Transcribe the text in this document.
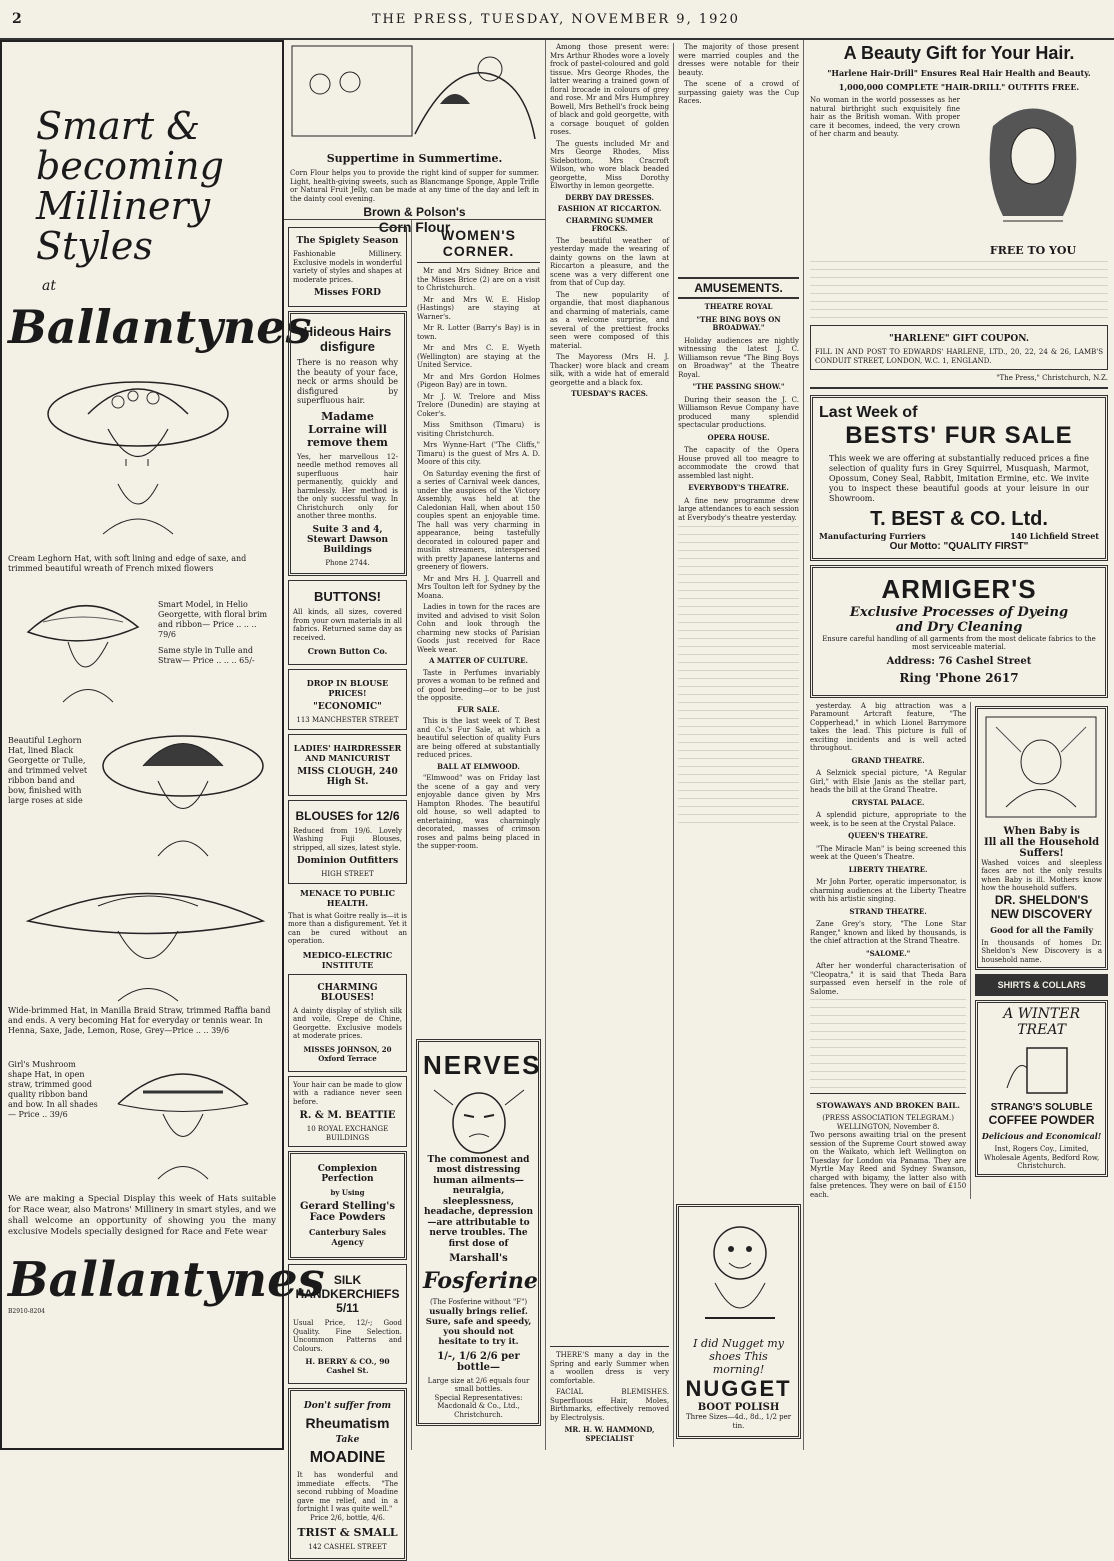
2	THE PRESS, TUESDAY, NOVEMBER 9, 1920
Smart & becoming
Millinery Styles
at
Ballantynes
Cream Leghorn Hat, with soft lining and edge of saxe, and trimmed beautiful wreath of French mixed flowers
Smart Model, in Helio Georgette, with floral brim and ribbon— Price .. .. .. 79/6
Same style in Tulle and Straw— Price .. .. .. 65/-
Beautiful Leghorn Hat, lined Black Georgette or Tulle, and trimmed velvet ribbon band and bow, finished with large roses at side
Wide-brimmed Hat, in Manilla Braid Straw, trimmed Raffia band and ends. A very becoming Hat for everyday or tennis wear. In Henna, Saxe, Jade, Lemon, Rose, Grey—Price .. .. 39/6
Girl's Mushroom shape Hat, in open straw, trimmed good quality ribbon band and bow. In all shades— Price .. 39/6
We are making a Special Display this week of Hats suitable for Race wear, also Matrons' Millinery in smart styles, and we shall welcome an opportunity of showing you the many exclusive Models specially designed for Race and Fete wear
Ballantynes
B2910-8204
Suppertime in Summertime.
Corn Flour helps you to provide the right kind of supper for summer. Light, health-giving sweets, such as Blancmange Sponge, Apple Trifle or Natural Fruit Jelly, can be made at any time of the day and left in the dainty cool evening.
Brown & Polson's
Corn Flour
The Spiglety Season
Fashionable Millinery. Exclusive models in wonderful variety of styles and shapes at moderate prices.
Misses FORD
Hideous Hairs disfigure
There is no reason why the beauty of your face, neck or arms should be disfigured by superfluous hair.
Madame Lorraine will remove them
Yes, her marvellous 12-needle method removes all superfluous hair permanently, quickly and harmlessly. Her method is the only successful way. In Christchurch only for another three months.
Suite 3 and 4, Stewart Dawson Buildings
Phone 2744.
BUTTONS!
All kinds, all sizes, covered from your own materials in all fabrics. Returned same day as received.
Crown Button Co.
DROP IN BLOUSE PRICES!
"ECONOMIC"
113 MANCHESTER STREET
LADIES' HAIRDRESSER AND MANICURIST
MISS CLOUGH, 240 High St.
BLOUSES for 12/6
Reduced from 19/6. Lovely Washing Fuji Blouses, stripped, all sizes, latest style.
Dominion Outfitters
HIGH STREET
MENACE TO PUBLIC HEALTH.
That is what Goitre really is—it is more than a disfigurement. Yet it can be cured without an operation.
MEDICO-ELECTRIC INSTITUTE
CHARMING BLOUSES!
A dainty display of stylish silk and voile, Crepe de Chine, Georgette. Exclusive models at moderate prices.
MISSES JOHNSON, 20 Oxford Terrace
Your hair can be made to glow with a radiance never seen before.
R. & M. BEATTIE
10 ROYAL EXCHANGE BUILDINGS
Complexion Perfection
by Using
Gerard Stelling's Face Powders
Canterbury Sales Agency
SILK HANDKERCHIEFS 5/11
Usual Price, 12/-; Good Quality. Fine Selection. Uncommon Patterns and Colours.
H. BERRY & CO., 90 Cashel St.
Don't suffer from
Rheumatism
Take
MOADINE
It has wonderful and immediate effects. "The second rubbing of Moadine gave me relief, and in a fortnight I was quite well."
Price 2/6, bottle, 4/6.
TRIST & SMALL
142 CASHEL STREET
WOMEN'S CORNER.

Mr and Mrs Sidney Brice and the Misses Brice (2) are on a visit to Christchurch.

Mr and Mrs W. E. Hislop (Hastings) are staying at Warner's.

Mr R. Lotter (Barry's Bay) is in town.

Mr and Mrs C. E. Wyeth (Wellington) are staying at the United Service.

Mr and Mrs Gordon Holmes (Pigeon Bay) are in town.

Mr J. W. Trelore and Miss Trelore (Dunedin) are staying at Coker's.

Miss Smithson (Timaru) is visiting Christchurch.

Mrs Wynne-Hart ("The Cliffs," Timaru) is the guest of Mrs A. D. Moore of this city.

On Saturday evening the first of a series of Carnival week dances, under the auspices of the Victory Assembly, was held at the Caledonian Hall, when about 150 couples spent an enjoyable time. The hall was very charming in appearance, being tastefully decorated in coloured paper and muslin streamers, interspersed with pretty Japanese lanterns and greenery of flowers.

Mr and Mrs H. J. Quarrell and Mrs Toulton left for Sydney by the Moana.

Ladies in town for the races are invited and advised to visit Solon Cohn and look through the charming new stocks of Parisian Goods just received for Race Week wear.

A MATTER OF CULTURE.

Taste in Perfumes invariably proves a woman to be refined and of good breeding—or to be just the opposite.

FUR SALE.

This is the last week of T. Best and Co.'s Fur Sale, at which a beautiful selection of quality Furs are being offered at substantially reduced prices.

BALL AT ELMWOOD.

"Elmwood" was on Friday last the scene of a gay and very enjoyable dance given by Mrs Hampton Rhodes. The beautiful old house, so well adapted to entertaining, was charmingly decorated, masses of crimson roses and palms being placed in the supper-room.

NERVES
The commonest and most distressing human ailments—neuralgia, sleeplessness, headache, depression—are attributable to nerve troubles. The first dose of
Marshall's
Fosferine
(The Fosferine without "F")
usually brings relief. Sure, safe and speedy, you should not hesitate to try it.
1/-, 1/6 2/6 per bottle—
Large size at 2/6 equals four small bottles.
Special Representatives: Macdonald & Co., Ltd., Christchurch.

Among those present were: Mrs Arthur Rhodes wore a lovely frock of pastel-coloured and gold tissue. Mrs George Rhodes, the latter wearing a trained gown of floral brocade in colours of grey and rose. Mr and Mrs Humphrey Bowell, Mrs Bethell's frock being of black and gold georgette, with a corsage bouquet of golden roses.

The guests included Mr and Mrs George Rhodes, Miss Sidebottom, Mrs Cracroft Wilson, who wore black beaded georgette, Miss Dorothy Elworthy in lemon georgette.

DERBY DAY DRESSES.

FASHION AT RICCARTON.

CHARMING SUMMER FROCKS.

The beautiful weather of yesterday made the wearing of dainty gowns on the lawn at Riccarton a pleasure, and the scene was a very different one from that of Cup day.

The new popularity of organdie, that most diaphanous and charming of materials, came as a welcome surprise, and several of the prettiest frocks seen were composed of this material.

The Mayoress (Mrs H. J. Thacker) wore black and cream silk, with a wide hat of emerald georgette and a black fox.

TUESDAY'S RACES.

THERE'S many a day in the Spring and early Summer when a woollen dress is very comfortable.

FACIAL BLEMISHES. Superfluous Hair, Moles, Birthmarks, effectively removed by Electrolysis.

MR. H. W. HAMMOND, SPECIALIST

The majority of those present were married couples and the dresses were notable for their beauty.

The scene of a crowd of surpassing gaiety was the Cup Races.

AMUSEMENTS.
THEATRE ROYAL
"THE BING BOYS ON BROADWAY."

Holiday audiences are nightly witnessing the latest J. C. Williamson revue "The Bing Boys on Broadway" at the Theatre Royal.

"THE PASSING SHOW."

During their season the J. C. Williamson Revue Company have produced many splendid spectacular productions.

OPERA HOUSE.

The capacity of the Opera House proved all too meagre to accommodate the crowd that assembled last night.

EVERYBODY'S THEATRE.

A fine new programme drew large attendances to each session at Everybody's theatre yesterday.

I did Nugget my shoes This morning!
NUGGET
BOOT POLISH
Three Sizes—4d., 8d., 1/2 per tin.
A Beauty Gift for Your Hair.
"Harlene Hair-Drill" Ensures Real Hair Health and Beauty.
1,000,000 COMPLETE "HAIR-DRILL" OUTFITS FREE.
No woman in the world possesses as her natural birthright such exquisitely fine hair as the British woman. With proper care it becomes, indeed, the very crown of her charm and beauty.
FREE TO YOU
"HARLENE" GIFT COUPON.
FILL IN AND POST TO EDWARDS' HARLENE, LTD., 20, 22, 24 & 26, LAMB'S CONDUIT STREET, LONDON, W.C. 1, ENGLAND.
"The Press," Christchurch, N.Z.
Last Week of
BESTS' FUR SALE
This week we are offering at substantially reduced prices a fine selection of quality furs in Grey Squirrel, Musquash, Marmot, Opossum, Coney Seal, Rabbit, Imitation Ermine, etc. We invite you to inspect these beautiful goods at your leisure in our Showroom.
T. BEST & CO. Ltd.
Manufacturing Furriers	140 Lichfield Street
Our Motto: "QUALITY FIRST"
ARMIGER'S
Exclusive Processes of Dyeing
and Dry Cleaning
Ensure careful handling of all garments from the most delicate fabrics to the most serviceable material.
Address: 76 Cashel Street
Ring 'Phone 2617

yesterday. A big attraction was a Paramount Artcraft feature, "The Copperhead," in which Lionel Barrymore takes the lead. This picture is full of exciting incidents and is well acted throughout.

GRAND THEATRE.

A Selznick special picture, "A Regular Girl," with Elsie Janis as the stellar part, heads the bill at the Grand Theatre.

CRYSTAL PALACE.

A splendid picture, appropriate to the week, is to be seen at the Crystal Palace.

QUEEN'S THEATRE.

"The Miracle Man" is being screened this week at the Queen's Theatre.

LIBERTY THEATRE.

Mr John Porter, operatic impersonator, is charming audiences at the Liberty Theatre with his artistic singing.

STRAND THEATRE.

Zane Grey's story, "The Lone Star Ranger," known and liked by thousands, is the chief attraction at the Strand Theatre.

"SALOME."

After her wonderful characterisation of "Cleopatra," it is said that Theda Bara surpassed even herself in the role of Salome.

STOWAWAYS AND BROKEN BAIL.
(PRESS ASSOCIATION TELEGRAM.)
WELLINGTON, November 8.
Two persons awaiting trial on the present session of the Supreme Court stowed away on the Waikato, which left Wellington on Tuesday for London via Panama. They are Myrtle May Reed and Sydney Swanson, charged with bigamy, the latter also with false pretences. They were on bail of £150 each.
When Baby is
Ill all the Household
Suffers!
Washed voices and sleepless faces are not the only results when Baby is ill. Mothers know how the household suffers.
DR. SHELDON'S
NEW DISCOVERY
Good for all the Family
In thousands of homes Dr. Sheldon's New Discovery is a household name.
SHIRTS & COLLARS
A WINTER TREAT
STRANG'S SOLUBLE
COFFEE POWDER
Delicious and Economical!
Inst, Rogers Coy., Limited, Wholesale Agents, Bedford Row, Christchurch.
